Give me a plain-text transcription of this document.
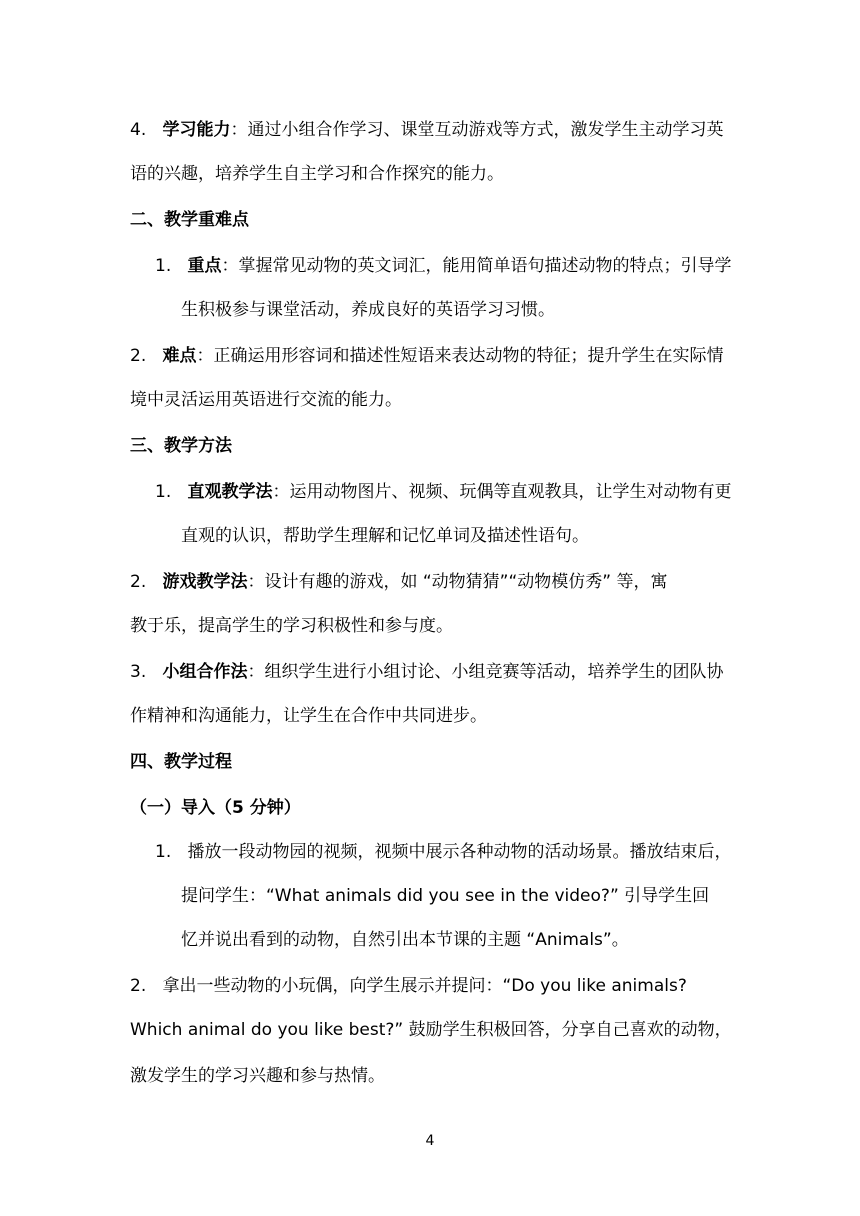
4. 学习能力：通过小组合作学习、课堂互动游戏等方式，激发学生主动学习英
语的兴趣，培养学生自主学习和合作探究的能力。
二、教学重难点
1. 重点：掌握常见动物的英文词汇，能用简单语句描述动物的特点；引导学
生积极参与课堂活动，养成良好的英语学习习惯。
2. 难点：正确运用形容词和描述性短语来表达动物的特征；提升学生在实际情
境中灵活运用英语进行交流的能力。
三、教学方法
1. 直观教学法：运用动物图片、视频、玩偶等直观教具，让学生对动物有更
直观的认识，帮助学生理解和记忆单词及描述性语句。
2. 游戏教学法：设计有趣的游戏，如 “动物猜猜”“动物模仿秀” 等，寓
教于乐，提高学生的学习积极性和参与度。
3. 小组合作法：组织学生进行小组讨论、小组竞赛等活动，培养学生的团队协
作精神和沟通能力，让学生在合作中共同进步。
四、教学过程
（一）导入（5 分钟）
1. 播放一段动物园的视频，视频中展示各种动物的活动场景。播放结束后，
提问学生：“What animals did you see in the video?” 引导学生回
忆并说出看到的动物，自然引出本节课的主题 “Animals”。
2. 拿出一些动物的小玩偶，向学生展示并提问：“Do you like animals?
Which animal do you like best?” 鼓励学生积极回答，分享自己喜欢的动物，
激发学生的学习兴趣和参与热情。
4
